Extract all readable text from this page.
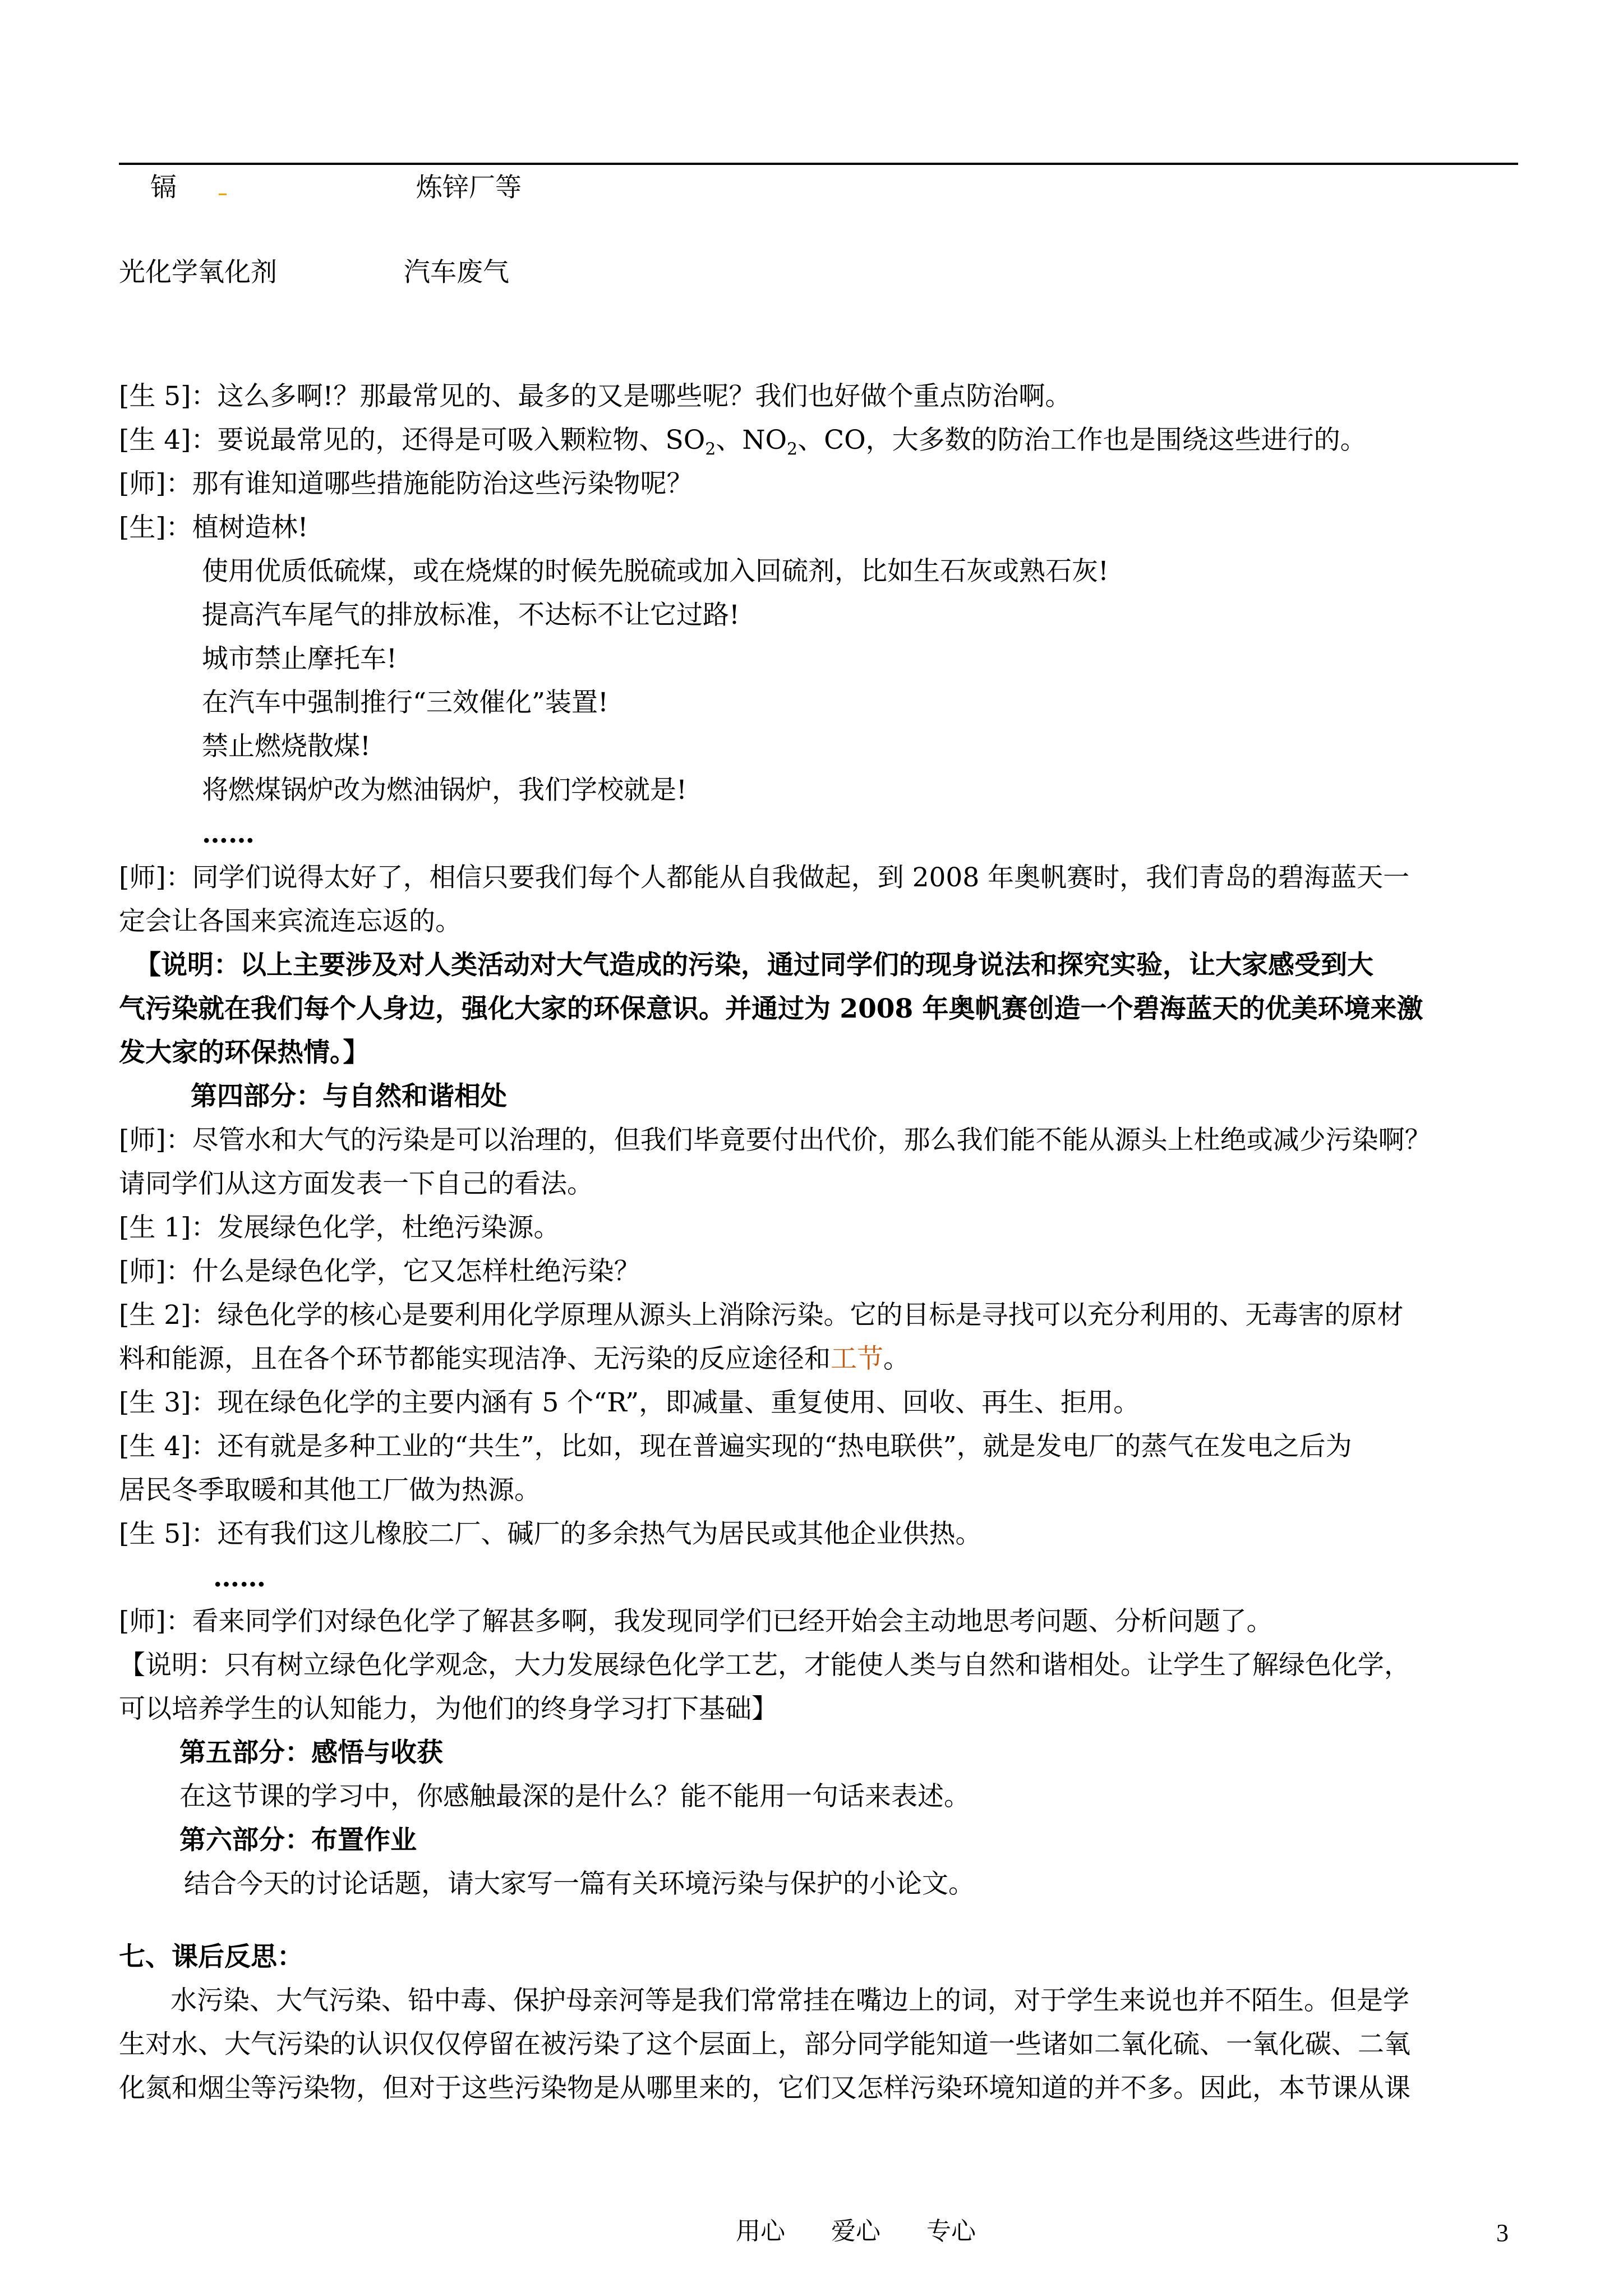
镉	炼锌厂等
光化学氧化剂	汽车废气
[生 5]：这么多啊!？那最常见的、最多的又是哪些呢？我们也好做个重点防治啊。
[生 4]：要说最常见的，还得是可吸入颗粒物、$SO_2$、$NO_2$、CO，大多数的防治工作也是围绕这些进行的。
[师]：那有谁知道哪些措施能防治这些污染物呢？
[生]：植树造林!
使用优质低硫煤，或在烧煤的时候先脱硫或加入回硫剂，比如生石灰或熟石灰!
提高汽车尾气的排放标准，不达标不让它过路!
城市禁止摩托车!
在汽车中强制推行“三效催化”装置!
禁止燃烧散煤!
将燃煤锅炉改为燃油锅炉，我们学校就是!
……
[师]：同学们说得太好了，相信只要我们每个人都能从自我做起，到 2008 年奥帆赛时，我们青岛的碧海蓝天一
定会让各国来宾流连忘返的。
【说明：以上主要涉及对人类活动对大气造成的污染，通过同学们的现身说法和探究实验，让大家感受到大
气污染就在我们每个人身边，强化大家的环保意识。并通过为 2008 年奥帆赛创造一个碧海蓝天的优美环境来激
发大家的环保热情。】
第四部分：与自然和谐相处
[师]：尽管水和大气的污染是可以治理的，但我们毕竟要付出代价，那么我们能不能从源头上杜绝或减少污染啊？
请同学们从这方面发表一下自己的看法。
[生 1]：发展绿色化学，杜绝污染源。
[师]：什么是绿色化学，它又怎样杜绝污染？
[生 2]：绿色化学的核心是要利用化学原理从源头上消除污染。它的目标是寻找可以充分利用的、无毒害的原材
料和能源，且在各个环节都能实现洁净、无污染的反应途径和工节。
[生 3]：现在绿色化学的主要内涵有 5 个“R”，即减量、重复使用、回收、再生、拒用。
[生 4]：还有就是多种工业的“共生”，比如，现在普遍实现的“热电联供”，就是发电厂的蒸气在发电之后为
居民冬季取暖和其他工厂做为热源。
[生 5]：还有我们这儿橡胶二厂、碱厂的多余热气为居民或其他企业供热。
……
[师]：看来同学们对绿色化学了解甚多啊，我发现同学们已经开始会主动地思考问题、分析问题了。
【说明：只有树立绿色化学观念，大力发展绿色化学工艺，才能使人类与自然和谐相处。让学生了解绿色化学，
可以培养学生的认知能力，为他们的终身学习打下基础】
第五部分：感悟与收获
在这节课的学习中，你感触最深的是什么？能不能用一句话来表述。
第六部分：布置作业
结合今天的讨论话题，请大家写一篇有关环境污染与保护的小论文。
七、课后反思：
水污染、大气污染、铅中毒、保护母亲河等是我们常常挂在嘴边上的词，对于学生来说也并不陌生。但是学
生对水、大气污染的认识仅仅停留在被污染了这个层面上，部分同学能知道一些诸如二氧化硫、一氧化碳、二氧
化氮和烟尘等污染物，但对于这些污染物是从哪里来的，它们又怎样污染环境知道的并不多。因此，本节课从课
用心 爱心 专心	3
